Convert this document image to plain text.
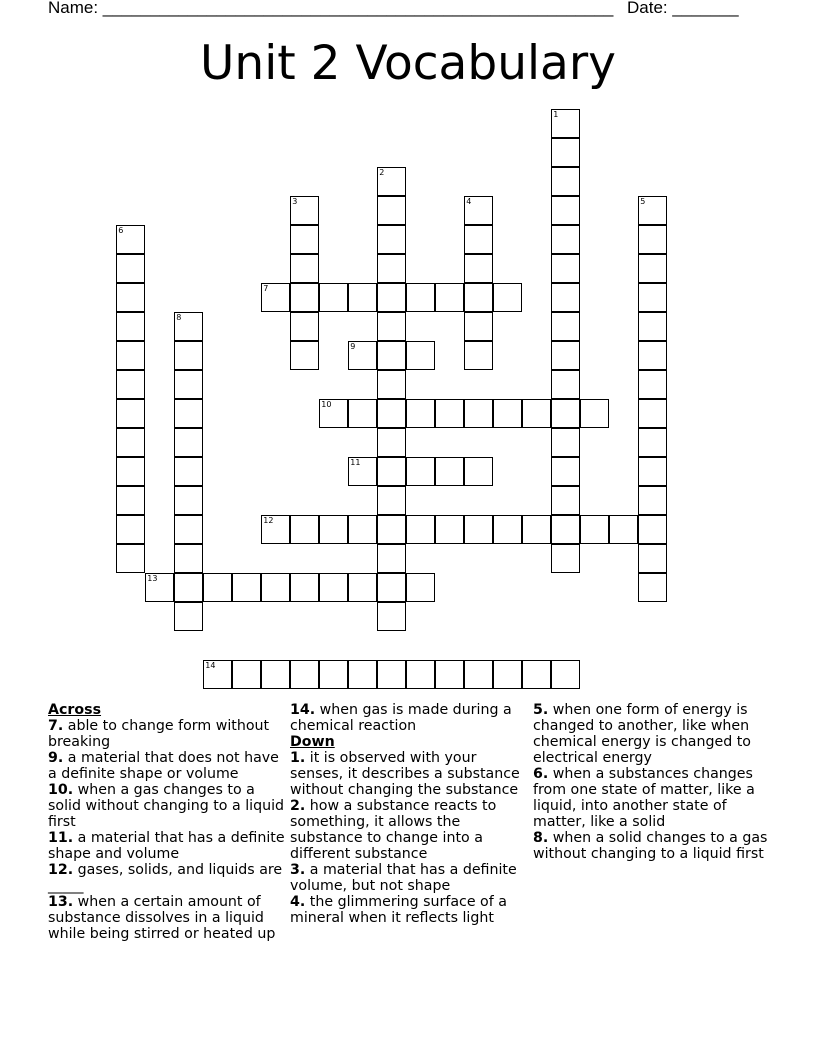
Name: ______________________________________________________ Date: _______
Unit 2 Vocabulary
1
2
3	4	5
6
7
8
9
10
11
12
13
14
Across
7. able to change form without breaking
9. a material that does not have a definite shape or volume
10. when a gas changes to a solid without changing to a liquid first
11. a material that has a definite shape and volume
12. gases, solids, and liquids are _____
13. when a certain amount of substance dissolves in a liquid while being stirred or heated up
14. when gas is made during a chemical reaction
Down
1. it is observed with your senses, it describes a substance without changing the substance
2. how a substance reacts to something, it allows the substance to change into a different substance
3. a material that has a definite volume, but not shape
4. the glimmering surface of a mineral when it reflects light
5. when one form of energy is changed to another, like when chemical energy is changed to electrical energy
6. when a substances changes from one state of matter, like a liquid, into another state of matter, like a solid
8. when a solid changes to a gas without changing to a liquid first
